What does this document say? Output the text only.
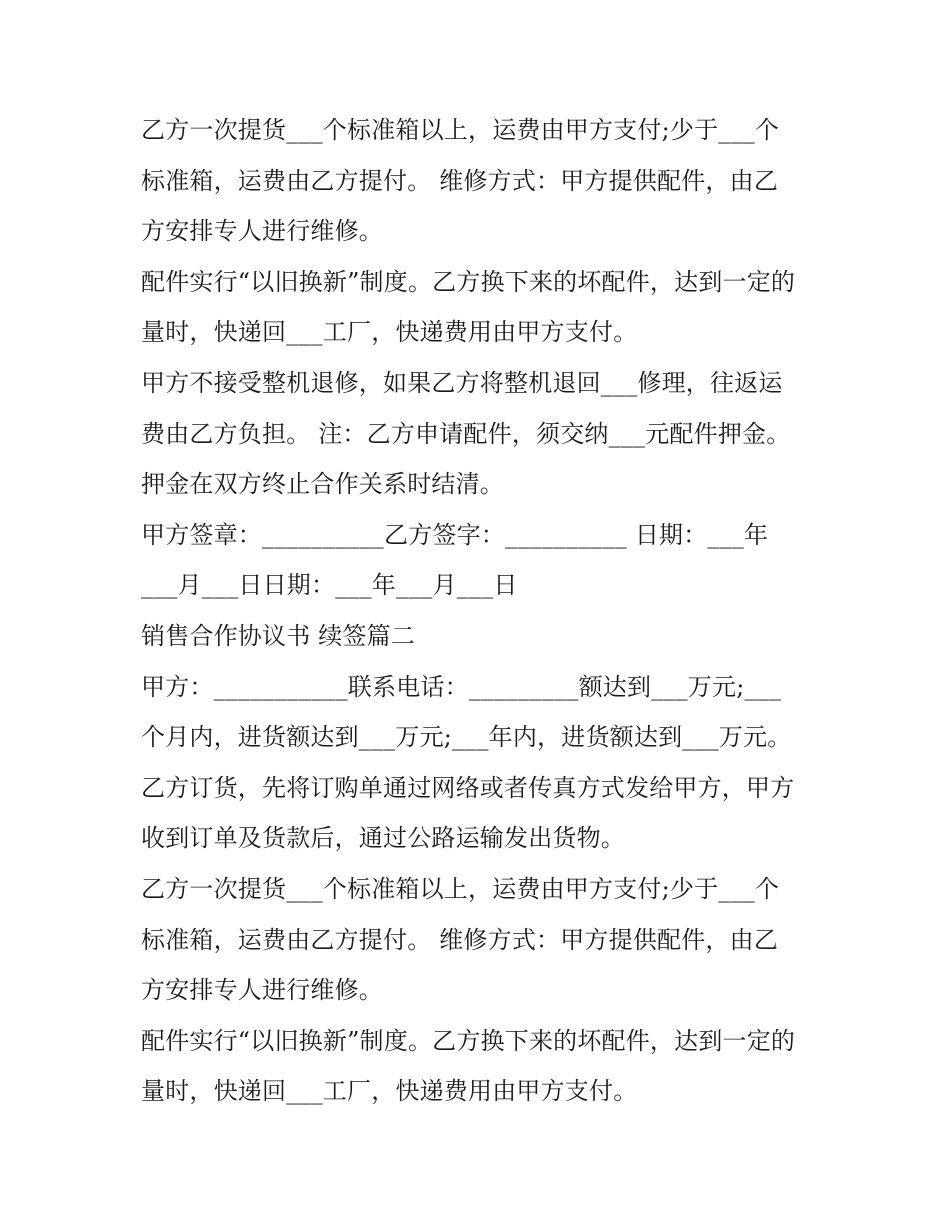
乙方一次提货___个标准箱以上，运费由甲方支付;少于___个
标准箱，运费由乙方提付。 维修方式：甲方提供配件，由乙
方安排专人进行维修。
配件实行“以旧换新”制度。乙方换下来的坏配件，达到一定的
量时，快递回___工厂，快递费用由甲方支付。
甲方不接受整机退修，如果乙方将整机退回___修理，往返运
费由乙方负担。 注：乙方申请配件，须交纳___元配件押金。
押金在双方终止合作关系时结清。
甲方签章：__________乙方签字：__________ 日期：___年
___月___日日期：___年___月___日
销售合作协议书 续签篇二
甲方：___________联系电话：_________额达到___万元;___
个月内，进货额达到___万元;___年内，进货额达到___万元。
乙方订货，先将订购单通过网络或者传真方式发给甲方，甲方
收到订单及货款后，通过公路运输发出货物。
乙方一次提货___个标准箱以上，运费由甲方支付;少于___个
标准箱，运费由乙方提付。 维修方式：甲方提供配件，由乙
方安排专人进行维修。
配件实行“以旧换新”制度。乙方换下来的坏配件，达到一定的
量时，快递回___工厂，快递费用由甲方支付。
